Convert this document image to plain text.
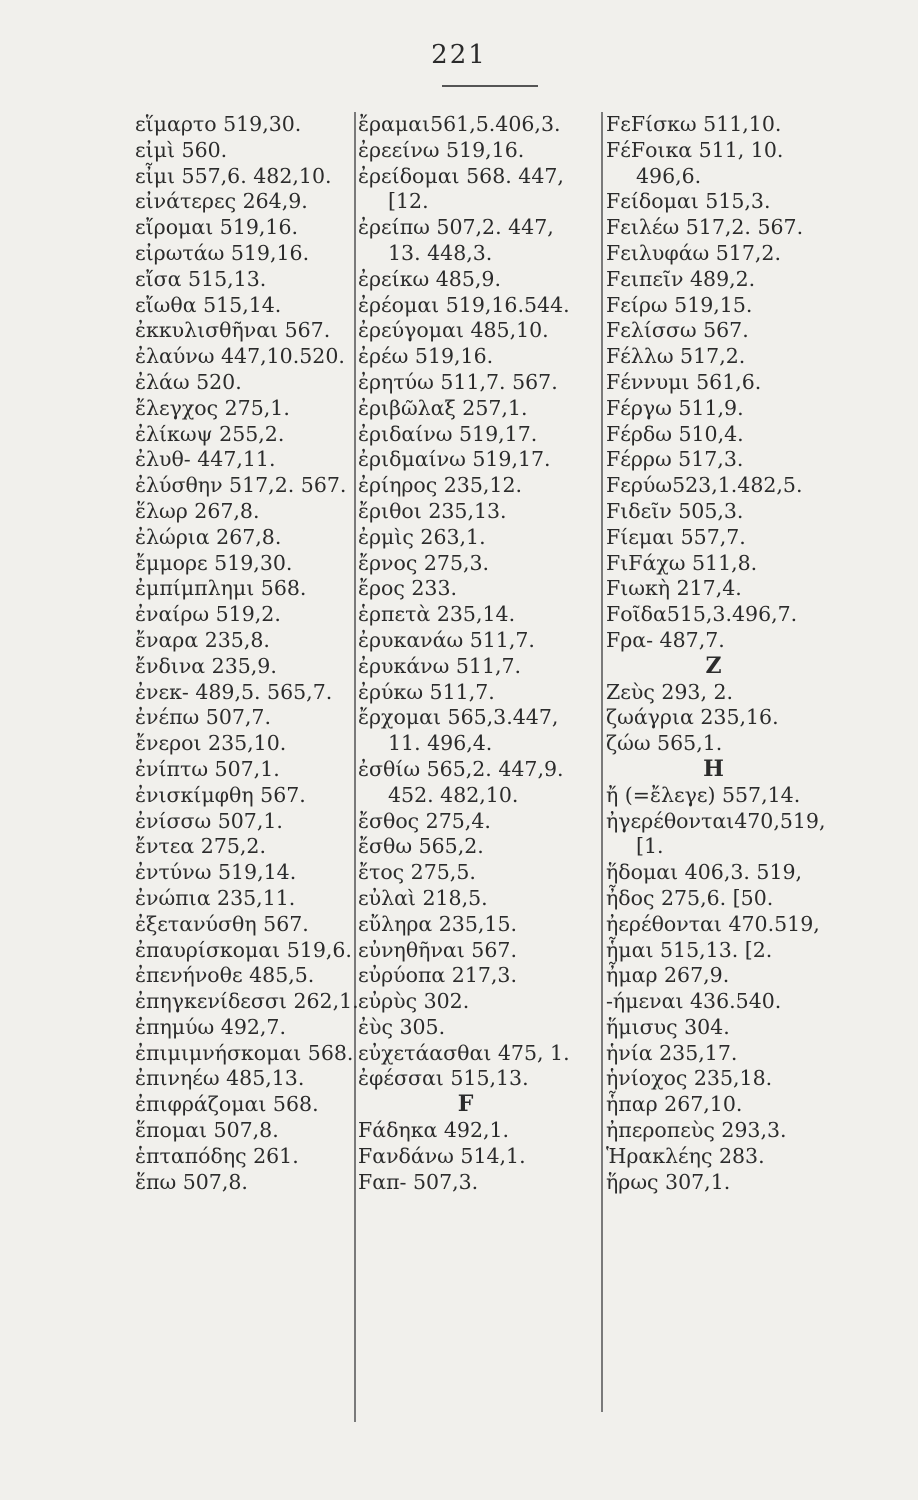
221
εἵμαρτο 519,30.
εἰμὶ 560.
εἶμι 557,6. 482,10.
εἰνάτερες 264,9.
εἴρομαι 519,16.
εἰρωτάω 519,16.
εἴσα 515,13.
εἴωθα 515,14.
ἐκκυλισθῆναι 567.
ἐλαύνω 447,10.520.
ἐλάω 520.
ἔλεγχος 275,1.
ἐλίκωψ 255,2.
ἐλυθ- 447,11.
ἐλύσθην 517,2. 567.
ἕλωρ 267,8.
ἐλώρια 267,8.
ἔμμορε 519,30.
ἐμπίμπλημι 568.
ἐναίρω 519,2.
ἔναρα 235,8.
ἔνδινα 235,9.
ἐνεκ- 489,5. 565,7.
ἐνέπω 507,7.
ἔνεροι 235,10.
ἐνίπτω 507,1.
ἐνισκίμφθη 567.
ἐνίσσω 507,1.
ἔντεα 275,2.
ἐντύνω 519,14.
ἐνώπια 235,11.
ἐξετανύσθη 567.
ἐπαυρίσκομαι 519,6.
ἐπενήνοθε 485,5.
ἐπηγκενίδεσσι 262,1.
ἐπημύω 492,7.
ἐπιμιμνήσκομαι 568.
ἐπινηέω 485,13.
ἐπιφράζομαι 568.
ἕπομαι 507,8.
ἑπταπόδης 261.
ἕπω 507,8.
ἔραμαι561,5.406,3.
ἐρεείνω 519,16.
ἐρείδομαι 568. 447,
[12.
ἐρείπω 507,2. 447,
13. 448,3.
ἐρείκω 485,9.
ἐρέομαι 519,16.544.
ἐρεύγομαι 485,10.
ἐρέω 519,16.
ἐρητύω 511,7. 567.
ἐριβῶλαξ 257,1.
ἐριδαίνω 519,17.
ἐριδμαίνω 519,17.
ἐρίηρος 235,12.
ἔριθοι 235,13.
ἐρμὶς 263,1.
ἔρνος 275,3.
ἔρος 233.
ἑρπετὰ 235,14.
ἐρυκανάω 511,7.
ἐρυκάνω 511,7.
ἐρύκω 511,7.
ἔρχομαι 565,3.447,
11. 496,4.
ἐσθίω 565,2. 447,9.
452. 482,10.
ἔσθος 275,4.
ἔσθω 565,2.
ἔτος 275,5.
εὐλαὶ 218,5.
εὔληρα 235,15.
εὐνηθῆναι 567.
εὐρύοπα 217,3.
εὐρὺς 302.
ἐὺς 305.
εὐχετάασθαι 475, 1.
ἐφέσσαι 515,13.
F
Fάδηκα 492,1.
Fανδάνω 514,1.
Fαπ- 507,3.
FεFίσκω 511,10.
FέFοικα 511, 10.
496,6.
Fείδομαι 515,3.
Fειλέω 517,2. 567.
Fειλυφάω 517,2.
Fειπεῖν 489,2.
Fείρω 519,15.
Fελίσσω 567.
Fέλλω 517,2.
Fέννυμι 561,6.
Fέργω 511,9.
Fέρδω 510,4.
Fέρρω 517,3.
Fερύω523,1.482,5.
Fιδεῖν 505,3.
Fίεμαι 557,7.
FιFάχω 511,8.
Fιωκὴ 217,4.
Fοῖδα515,3.496,7.
Fρα- 487,7.
Z
Ζεὺς 293, 2.
ζωάγρια 235,16.
ζώω 565,1.
H
ἤ (=ἔλεγε) 557,14.
ἠγερέθονται470,519,
[1.
ἥδομαι 406,3. 519,
ἦδος 275,6. [50.
ἠερέθονται 470.519,
ἧμαι 515,13. [2.
ἦμαρ 267,9.
-ήμεναι 436.540.
ἥμισυς 304.
ἡνία 235,17.
ἡνίοχος 235,18.
ἧπαρ 267,10.
ἠπεροπεὺς 293,3.
Ἡρακλέης 283.
ἥρως 307,1.
